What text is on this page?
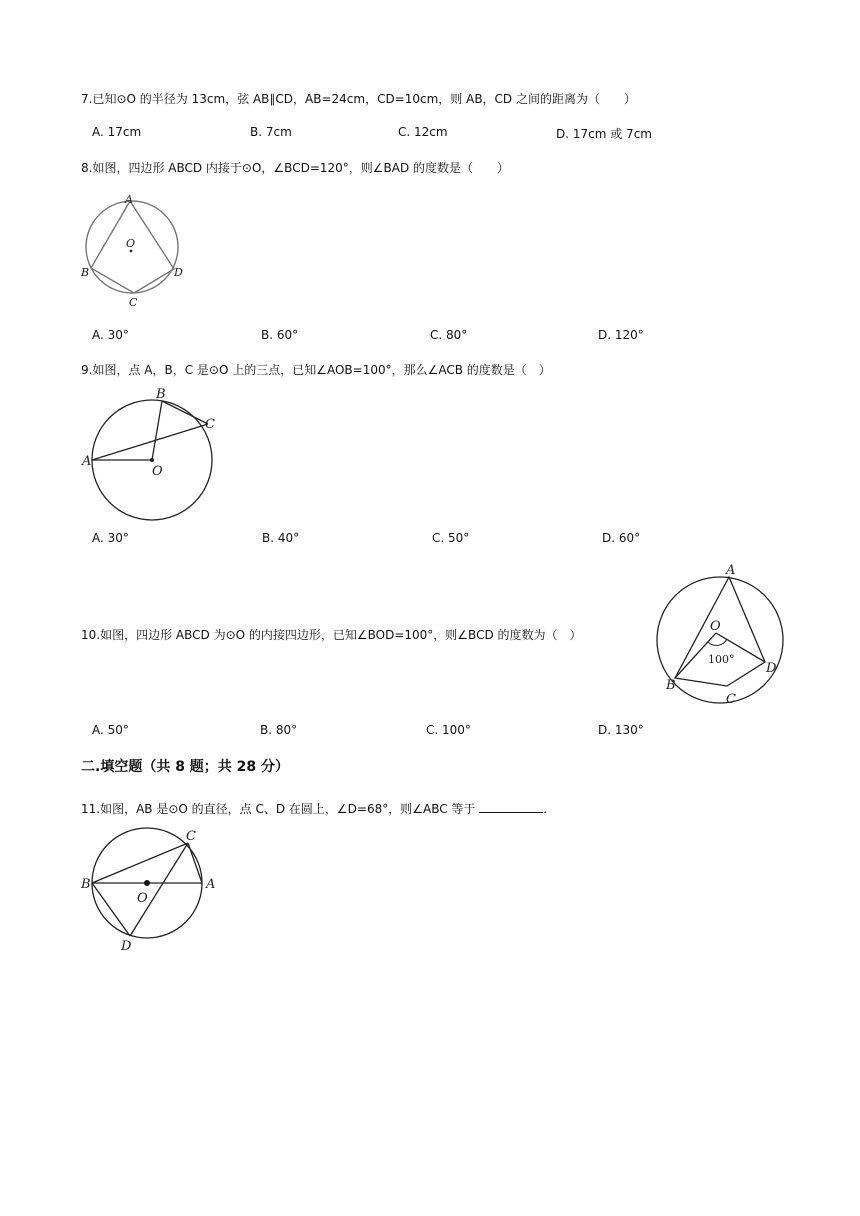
7.已知⊙O 的半径为 13cm，弦 AB∥CD，AB=24cm，CD=10cm，则 AB，CD 之间的距离为（　　）
A. 17cm	B. 7cm	C. 12cm	D. 17cm 或 7cm
8.如图，四边形 ABCD 内接于⊙O，∠BCD=120°，则∠BAD 的度数是（　　）
A
O
B	D
C
A. 30°	B. 60°	C. 80°	D. 120°
9.如图，点 A，B，C 是⊙O 上的三点，已知∠AOB=100°，那么∠ACB 的度数是（　）
B
C
A
O
A. 30°	B. 40°	C. 50°	D. 60°
10.如图，四边形 ABCD 为⊙O 的内接四边形，已知∠BOD=100°，则∠BCD 的度数为（　）
A
O
100°
D
B
C
A. 50°	B. 80°	C. 100°	D. 130°
二.填空题（共 8 题；共 28 分）
11.如图，AB 是⊙O 的直径，点 C、D 在圆上，∠D=68°，则∠ABC 等于	.
C
B	A
O
D
